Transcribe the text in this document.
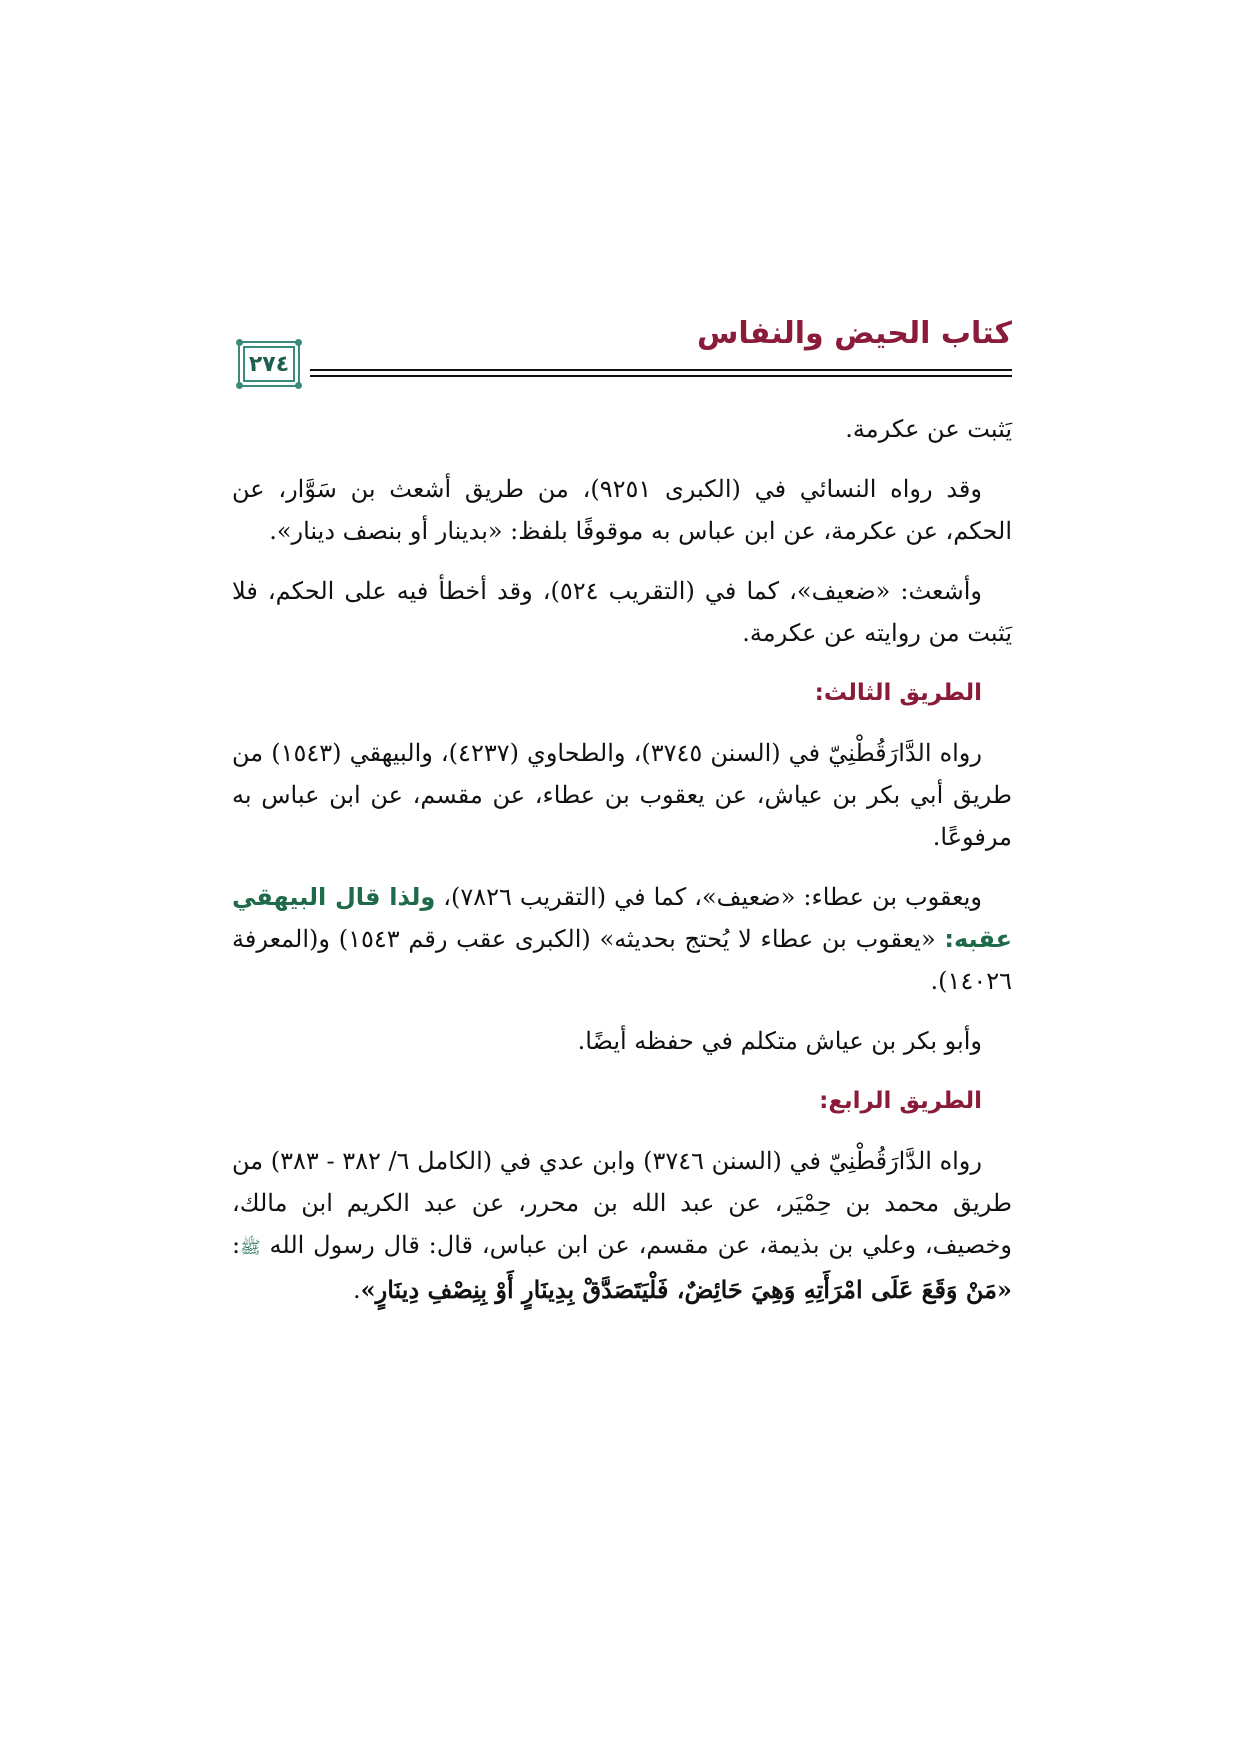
كتاب الحيض والنفاس
٢٧٤

يَثبت عن عكرمة.

وقد رواه النسائي في (الكبرى ٩٢٥١)، من طريق أشعث بن سَوَّار، عن الحكم، عن عكرمة، عن ابن عباس به موقوفًا بلفظ: «بدينار أو بنصف دينار».

وأشعث: «ضعيف»، كما في (التقريب ٥٢٤)، وقد أخطأ فيه على الحكم، فلا يَثبت من روايته عن عكرمة.

الطريق الثالث:

رواه الدَّارَقُطْنِيّ في (السنن ٣٧٤٥)، والطحاوي (٤٢٣٧)، والبيهقي (١٥٤٣) من طريق أبي بكر بن عياش، عن يعقوب بن عطاء، عن مقسم، عن ابن عباس به مرفوعًا.

ويعقوب بن عطاء: «ضعيف»، كما في (التقريب ٧٨٢٦)، ولذا قال البيهقي عقبه: «يعقوب بن عطاء لا يُحتج بحديثه» (الكبرى عقب رقم ١٥٤٣) و(المعرفة ١٤٠٢٦).

وأبو بكر بن عياش متكلم في حفظه أيضًا.

الطريق الرابع:

رواه الدَّارَقُطْنِيّ في (السنن ٣٧٤٦) وابن عدي في (الكامل ٦/ ٣٨٢ - ٣٨٣) من طريق محمد بن حِمْيَر، عن عبد الله بن محرر، عن عبد الكريم ابن مالك، وخصيف، وعلي بن بذيمة، عن مقسم، عن ابن عباس، قال: قال رسول الله ﷺ: «مَنْ وَقَعَ عَلَى امْرَأَتِهِ وَهِيَ حَائِضٌ، فَلْيَتَصَدَّقْ بِدِينَارٍ أَوْ بِنِصْفِ دِينَارٍ».
